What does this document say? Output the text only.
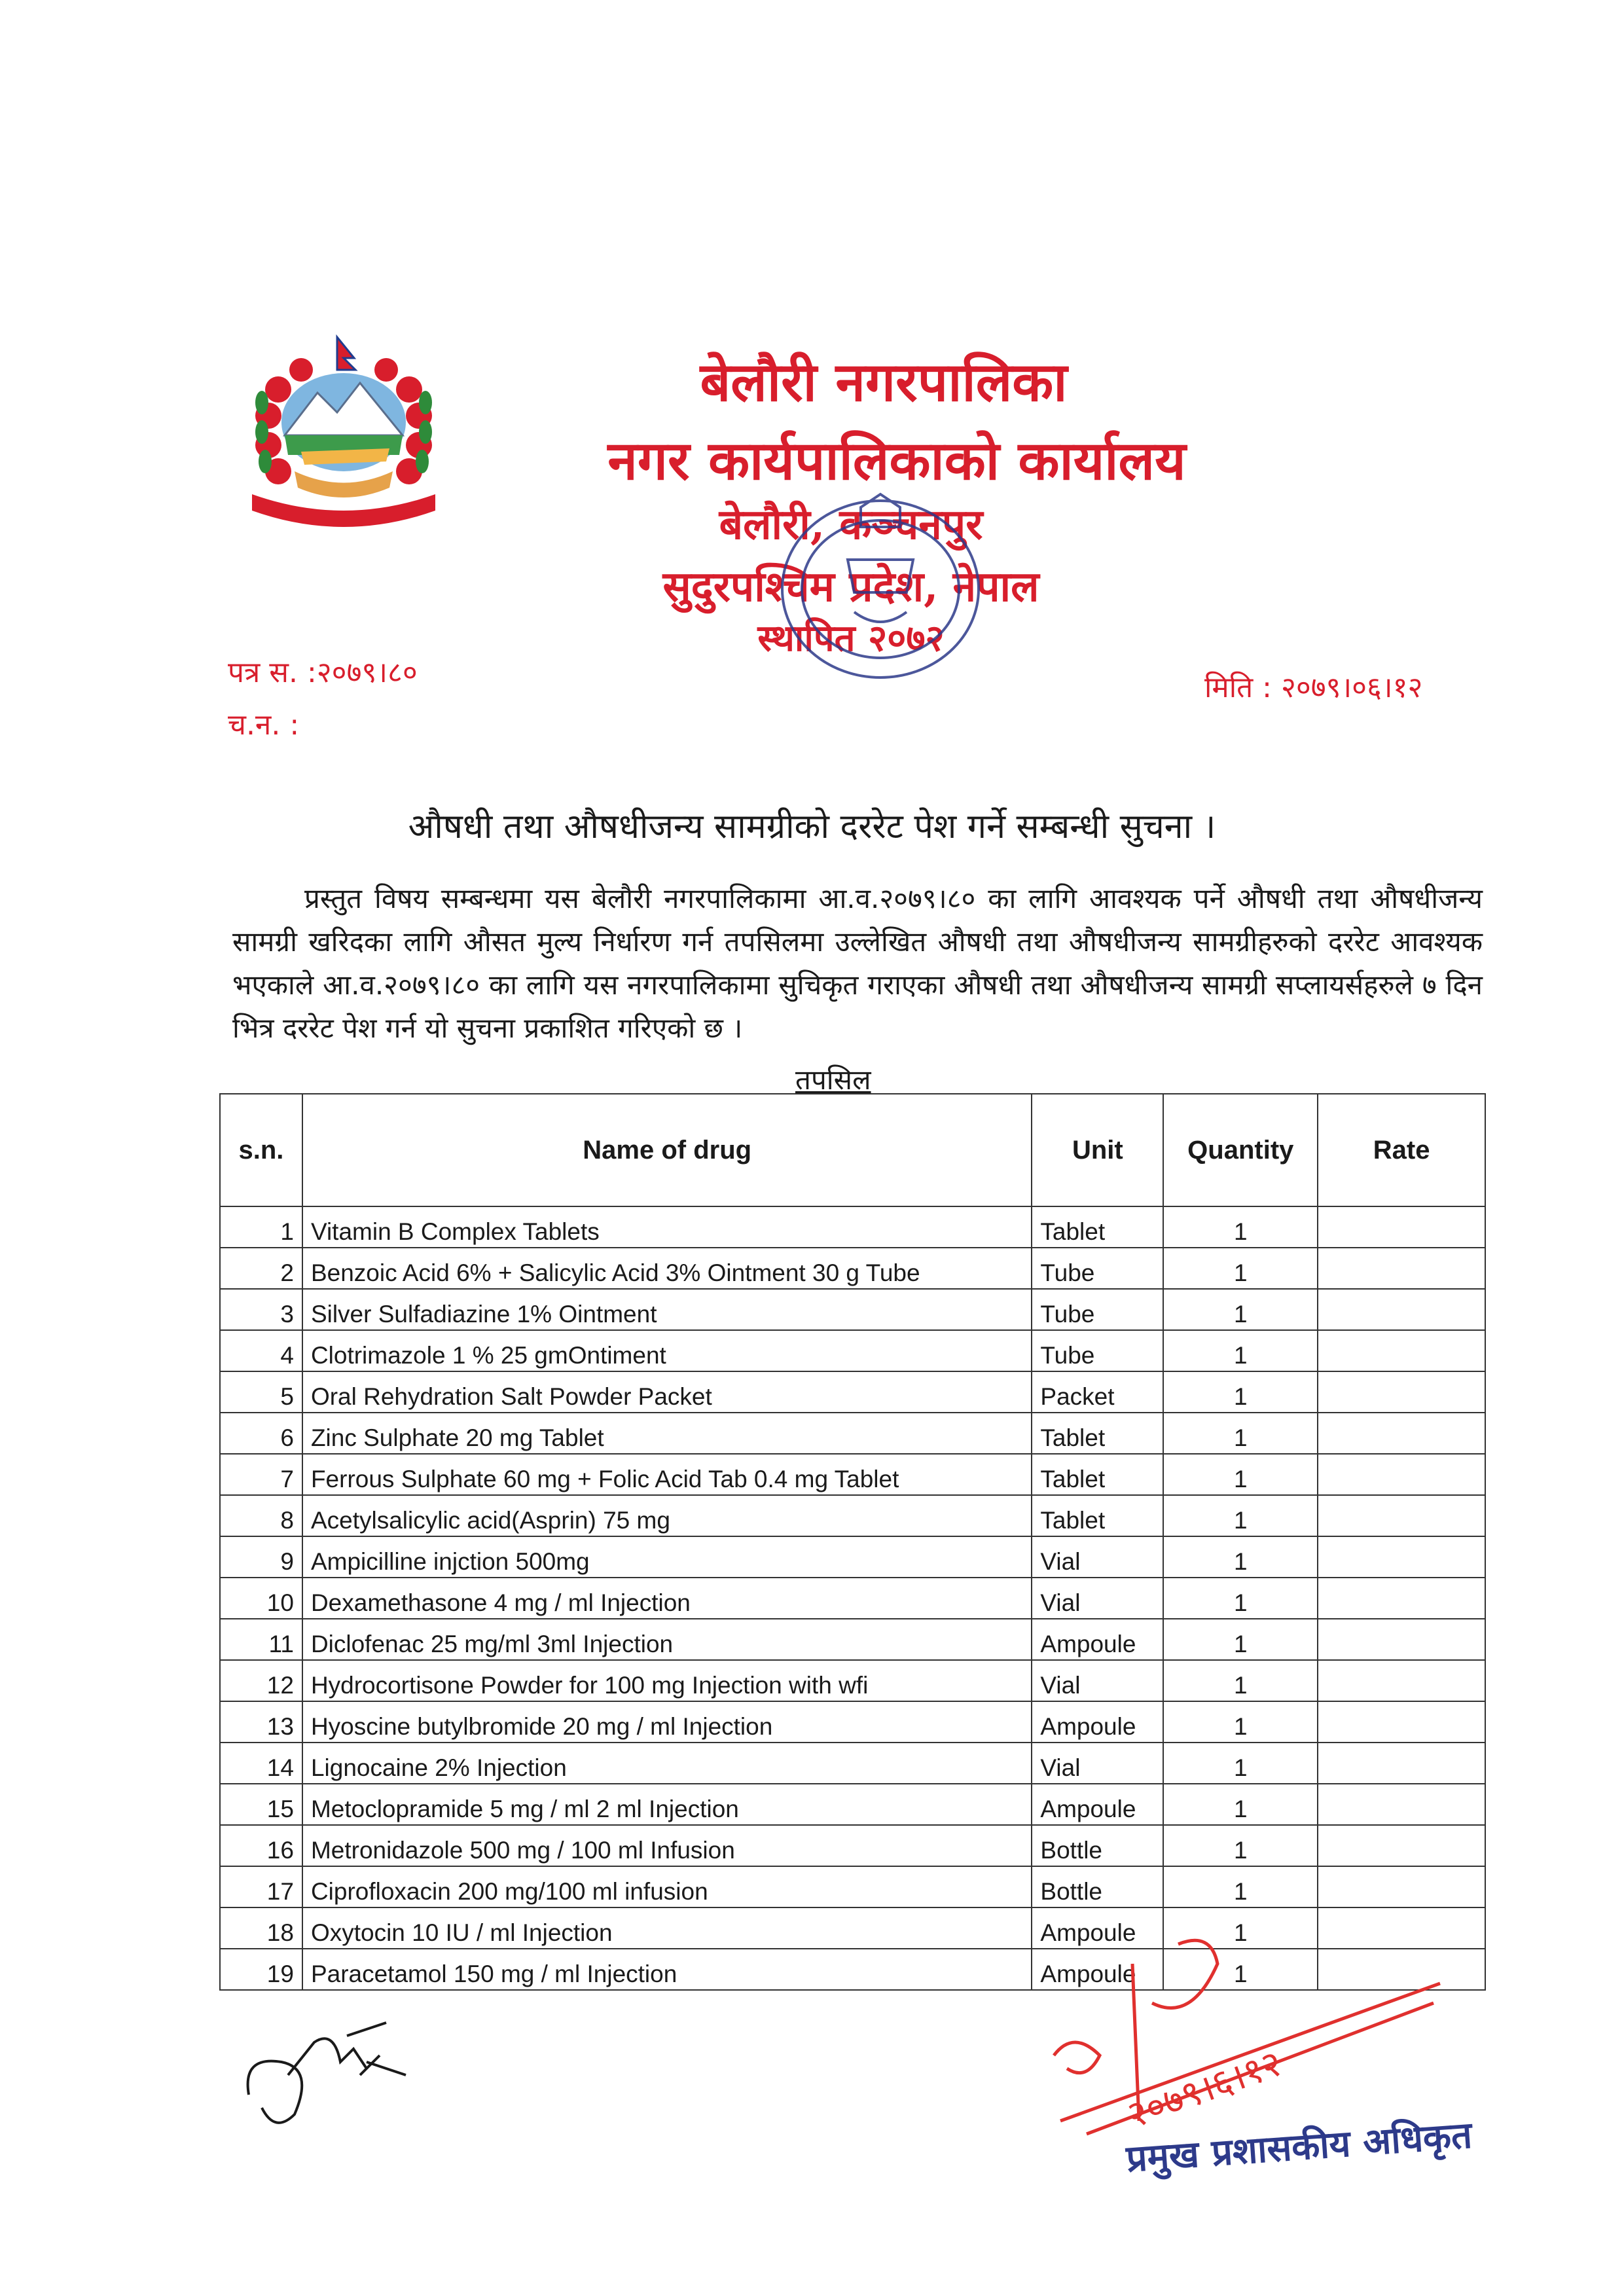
बेलौरी नगरपालिका
नगर कार्यपालिकाको कार्यालय
बेलौरी, कञ्चनपुर
सुदुरपश्चिम प्रदेश, नेपाल
स्थापित २०७२
पत्र स. :२०७९।८०
च.न. :
मिति : २०७९।०६।१२
औषधी तथा औषधीजन्य सामग्रीको दररेट पेश गर्ने सम्बन्धी सुचना ।
प्रस्तुत विषय सम्बन्धमा यस बेलौरी नगरपालिकामा आ.व.२०७९।८० का लागि आवश्यक पर्ने औषधी तथा औषधीजन्य सामग्री खरिदका लागि औसत मुल्य निर्धारण गर्न तपसिलमा उल्लेखित औषधी तथा औषधीजन्य सामग्रीहरुको दररेट आवश्यक भएकाले आ.व.२०७९।८० का लागि यस नगरपालिकामा सुचिकृत गराएका औषधी तथा औषधीजन्य सामग्री सप्लायर्सहरुले ७ दिन भित्र दररेट पेश गर्न यो सुचना प्रकाशित गरिएको छ ।
तपसिल
s.n.	Name of drug	Unit	Quantity	Rate
1	Vitamin B Complex Tablets	Tablet	1	
2	Benzoic Acid 6% + Salicylic Acid 3% Ointment 30 g Tube	Tube	1	
3	Silver Sulfadiazine 1% Ointment	Tube	1	
4	Clotrimazole 1 % 25 gmOntiment	Tube	1	
5	Oral Rehydration Salt Powder Packet	Packet	1	
6	Zinc Sulphate 20 mg Tablet	Tablet	1	
7	Ferrous Sulphate 60 mg + Folic Acid Tab 0.4 mg Tablet	Tablet	1	
8	Acetylsalicylic acid(Asprin) 75 mg	Tablet	1	
9	Ampicilline injction 500mg	Vial	1	
10	Dexamethasone 4 mg / ml Injection	Vial	1	
11	Diclofenac 25 mg/ml 3ml Injection	Ampoule	1	
12	Hydrocortisone Powder for 100 mg Injection with wfi	Vial	1	
13	Hyoscine butylbromide 20 mg / ml Injection	Ampoule	1	
14	Lignocaine 2% Injection	Vial	1	
15	Metoclopramide 5 mg / ml 2 ml Injection	Ampoule	1	
16	Metronidazole 500 mg / 100 ml Infusion	Bottle	1	
17	Ciprofloxacin 200 mg/100 ml infusion	Bottle	1	
18	Oxytocin 10 IU / ml Injection	Ampoule	1	
19	Paracetamol 150 mg / ml Injection	Ampoule	1	
२०७९।६।१२
प्रमुख प्रशासकीय अधिकृत
